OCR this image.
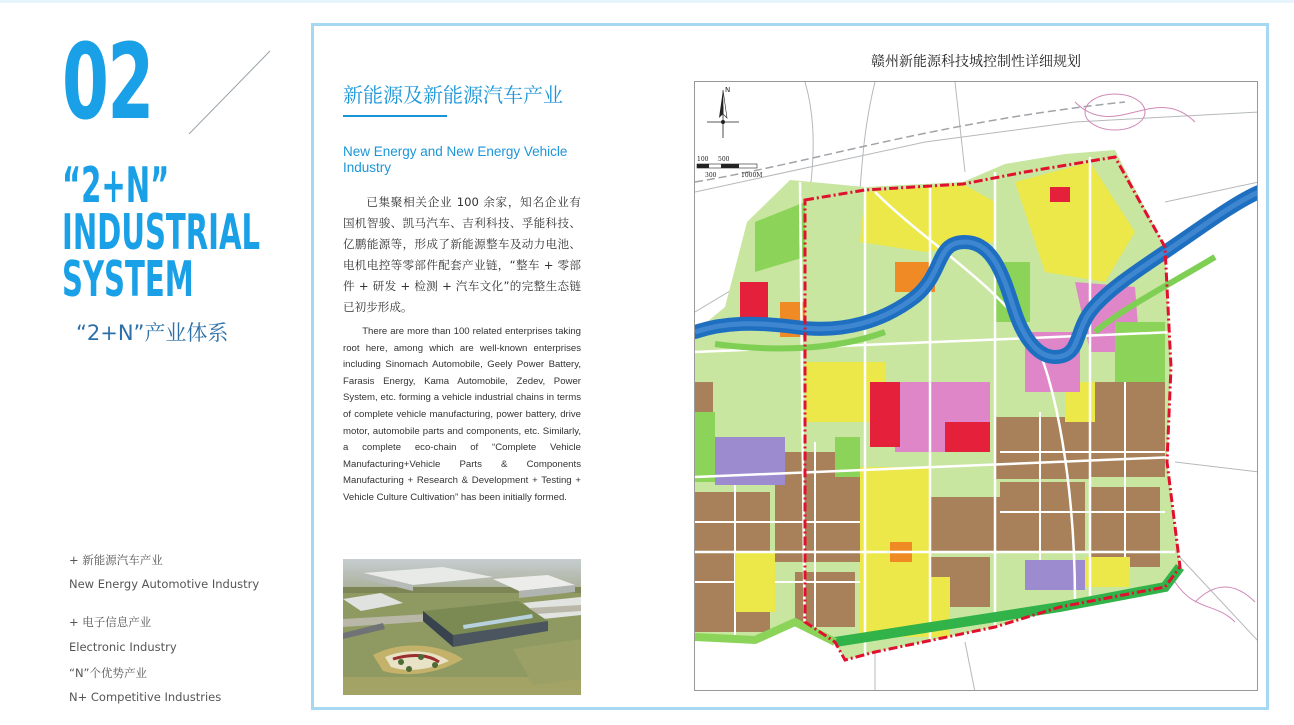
02
“2+N”
INDUSTRIAL
SYSTEM
“2+N”产业体系
+ 新能源汽车产业
New Energy Automotive Industry
+ 电子信息产业
Electronic Industry
“N”个优势产业
N+ Competitive Industries
新能源及新能源汽车产业
New Energy and New Energy Vehicle Industry

已集聚相关企业 100 余家，知名企业有国机智骏、凯马汽车、吉利科技、孚能科技、亿鹏能源等，形成了新能源整车及动力电池、电机电控等零部件配套产业链，“整车 + 零部件 + 研发 + 检测 + 汽车文化”的完整生态链已初步形成。

There are more than 100 related enterprises taking root here, among which are well-known enterprises including Sinomach Automobile, Geely Power Battery, Farasis Energy, Kama Automobile, Zedev, Power System, etc. forming a vehicle industrial chains in terms of complete vehicle manufacturing, power battery, drive motor, automobile parts and components, etc. Similarly, a complete eco-chain of “Complete Vehicle Manufacturing+Vehicle Parts & Components Manufacturing + Research & Development + Testing + Vehicle Culture Cultivation” has been initially formed.

赣州新能源科技城控制性详细规划
N
100 500
300	1000M
